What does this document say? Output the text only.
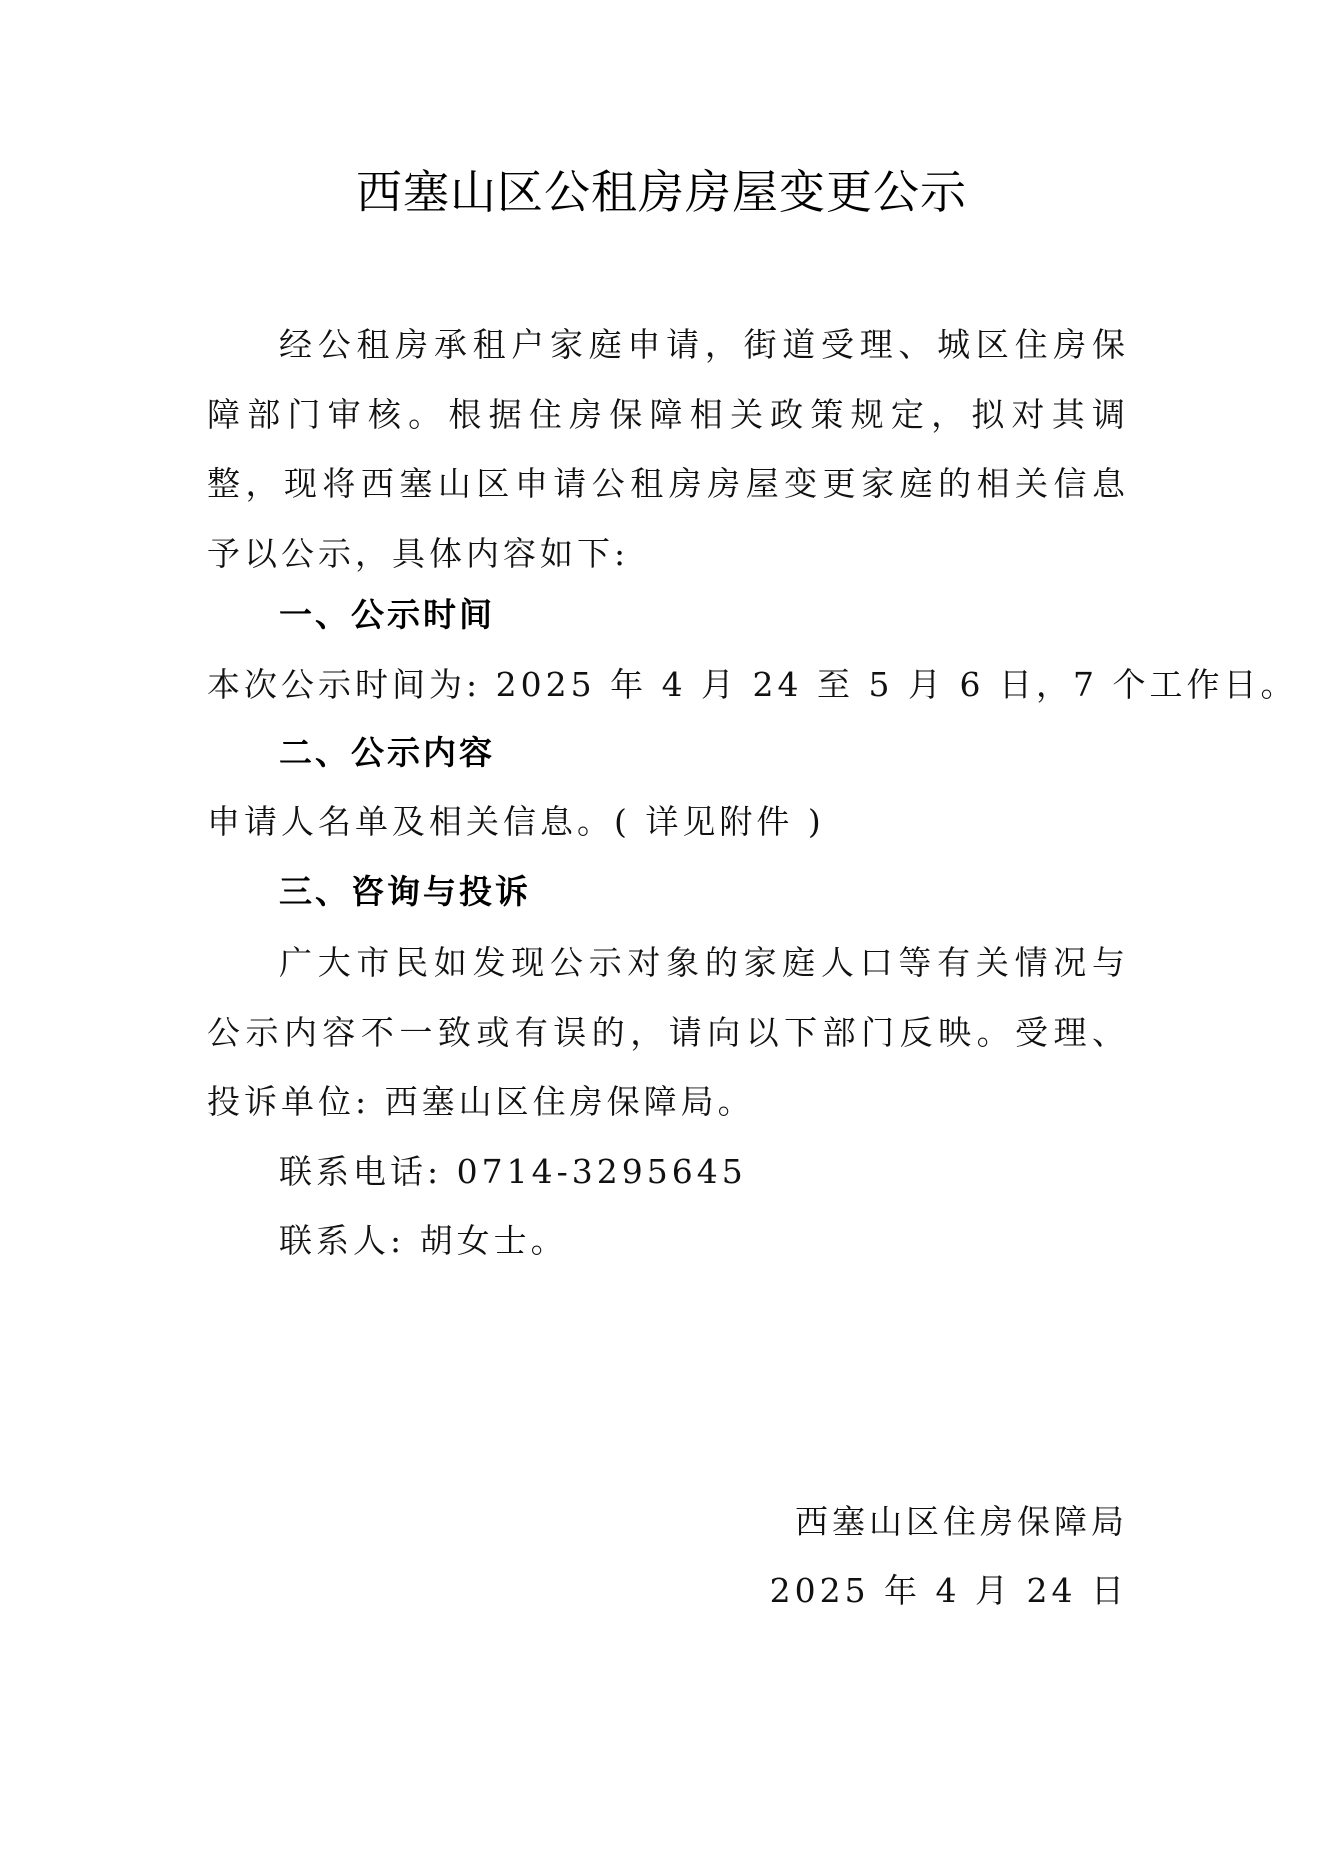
西塞山区公租房房屋变更公示
经公租房承租户家庭申请，街道受理、城区住房保障部门审核。根据住房保障相关政策规定，拟对其调整，现将西塞山区申请公租房房屋变更家庭的相关信息予以公示，具体内容如下:
一、公示时间
本次公示时间为: 2025 年 4 月 24 至 5 月 6 日，7 个工作日。
二、公示内容
申请人名单及相关信息。( 详见附件 )
三、咨询与投诉
广大市民如发现公示对象的家庭人口等有关情况与公示内容不一致或有误的，请向以下部门反映。受理、投诉单位: 西塞山区住房保障局。
联系电话: 0714-3295645
联系人: 胡女士。
西塞山区住房保障局
2025 年 4 月 24 日
